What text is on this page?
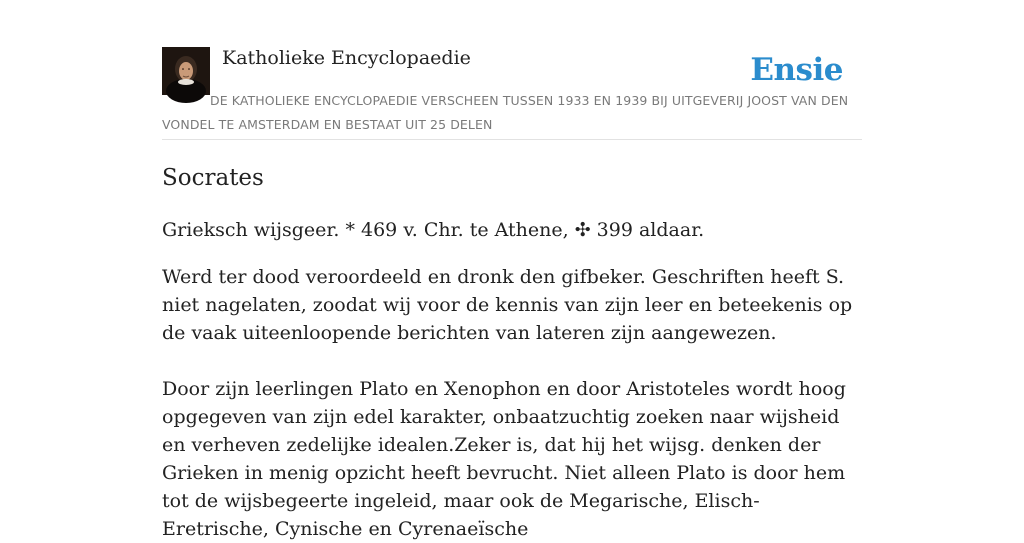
Katholieke Encyclopaedie	Ensie

DE KATHOLIEKE ENCYCLOPAEDIE VERSCHEEN TUSSEN 1933 EN 1939 BIJ UITGEVERIJ JOOST VAN DEN VONDEL TE AMSTERDAM EN BESTAAT UIT 25 DELEN

Socrates

Grieksch wijsgeer. * 469 v. Chr. te Athene, ✣ 399 aldaar.

Werd ter dood veroordeeld en dronk den gifbeker. Geschriften heeft S. niet nagelaten, zoodat wij voor de kennis van zijn leer en beteekenis op de vaak uiteenloopende berichten van lateren zijn aangewezen.

Door zijn leerlingen Plato en Xenophon en door Aristoteles wordt hoog opgegeven van zijn edel karakter, onbaatzuchtig zoeken naar wijsheid en verheven zedelijke idealen.Zeker is, dat hij het wijsg. denken der Grieken in menig opzicht heeft bevrucht. Niet alleen Plato is door hem tot de wijsbegeerte ingeleid, maar ook de Megarische, Elisch-Eretrische, Cynische en Cyrenaeïsche
